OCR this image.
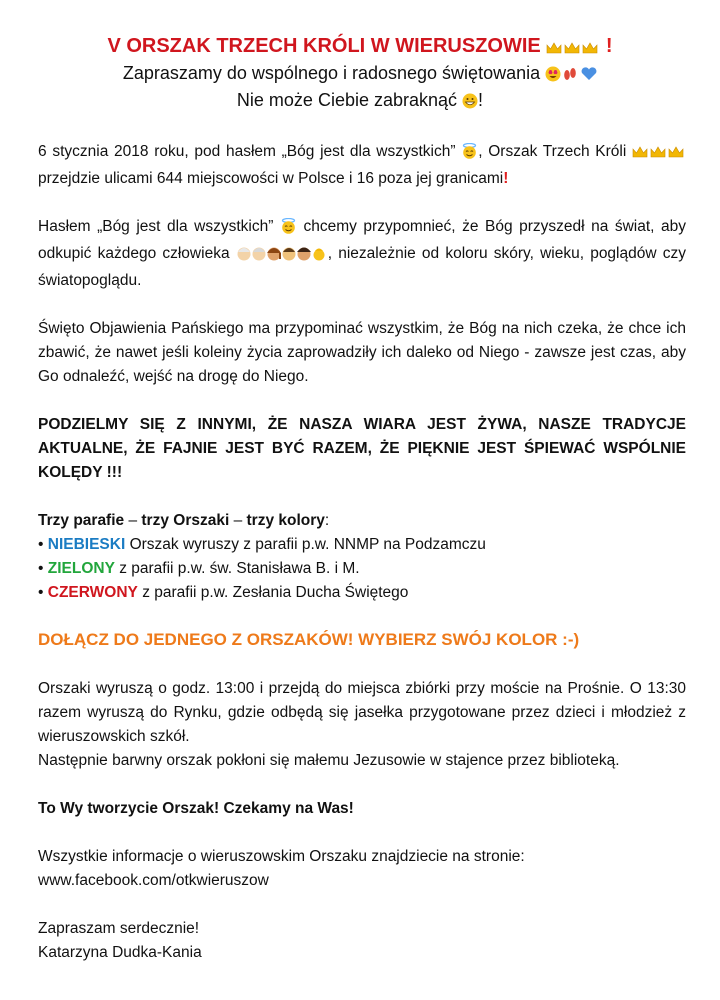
V ORSZAK TRZECH KRÓLI W WIERUSZOWIE	!

Zapraszamy do wspólnego i radosnego świętowania

Nie może Ciebie zabraknąć !

6 stycznia 2018 roku, pod hasłem „Bóg jest dla wszystkich” , Orszak Trzech Króli przejdzie ulicami 644 miejscowości w Polsce i 16 poza jej granicami!

Hasłem „Bóg jest dla wszystkich” chcemy przypomnieć, że Bóg przyszedł na świat, aby odkupić każdego człowieka	, niezależnie od koloru skóry, wieku, poglądów czy światopoglądu.

Święto Objawienia Pańskiego ma przypominać wszystkim, że Bóg na nich czeka, że chce ich zbawić, że nawet jeśli koleiny życia zaprowadziły ich daleko od Niego - zawsze jest czas, aby Go odnaleźć, wejść na drogę do Niego.

PODZIELMY SIĘ Z INNYMI, ŻE NASZA WIARA JEST ŻYWA, NASZE TRADYCJE AKTUALNE, ŻE FAJNIE JEST BYĆ RAZEM, ŻE PIĘKNIE JEST ŚPIEWAĆ WSPÓLNIE KOLĘDY !!!

Trzy parafie – trzy Orszaki – trzy kolory:

• NIEBIESKI Orszak wyruszy z parafii p.w. NNMP na Podzamczu

• ZIELONY z parafii p.w. św. Stanisława B. i M.

• CZERWONY z parafii p.w. Zesłania Ducha Świętego

DOŁĄCZ DO JEDNEGO Z ORSZAKÓW! WYBIERZ SWÓJ KOLOR :-)

Orszaki wyruszą o godz. 13:00 i przejdą do miejsca zbiórki przy moście na Prośnie. O 13:30 razem wyruszą do Rynku, gdzie odbędą się jasełka przygotowane przez dzieci i młodzież z wieruszowskich szkół.

Następnie barwny orszak pokłoni się małemu Jezusowie w stajence przez biblioteką.

To Wy tworzycie Orszak! Czekamy na Was!

Wszystkie informacje o wieruszowskim Orszaku znajdziecie na stronie:

www.facebook.com/otkwieruszow

Zapraszam serdecznie!

Katarzyna Dudka-Kania
